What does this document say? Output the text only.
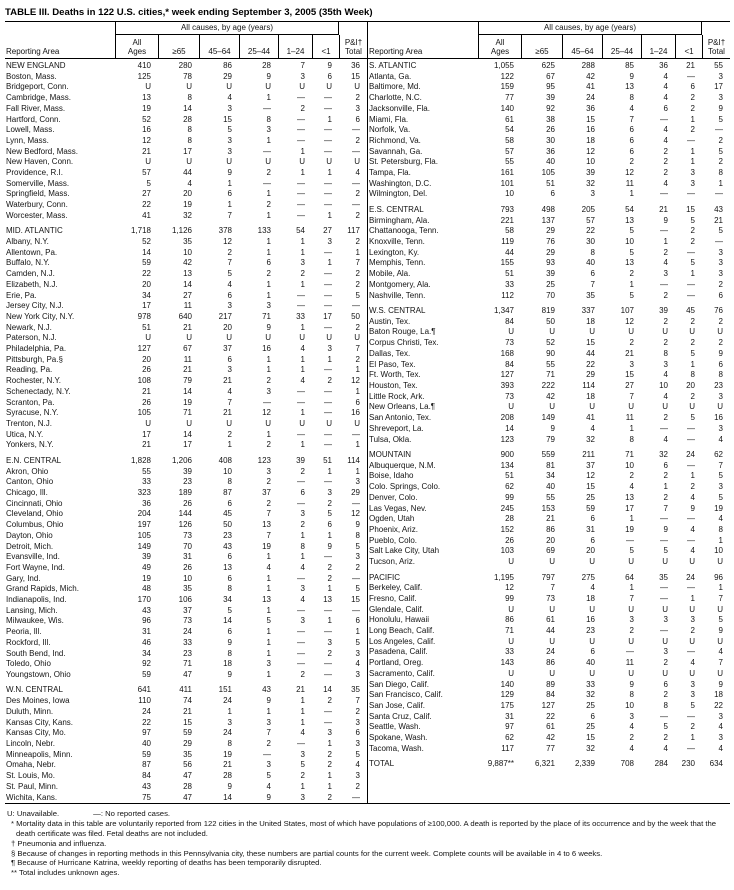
TABLE III. Deaths in 122 U.S. cities,* week ending September 3, 2005 (35th Week)
All causes, by age (years)
Reporting Area
All
Ages	≥65	45–64 25–44 1–24 <1
P&I†
Total
NEW ENGLAND	410	280	86	28	7	9	36
Boston, Mass.	125	78	29	9	3	6	15
Bridgeport, Conn.	U	U	U	U	U	U	U
Cambridge, Mass.	13	8	4	1	—	—	2
Fall River, Mass.	19	14	3	—	2	—	3
Hartford, Conn.	52	28	15	8	—	1	6
Lowell, Mass.	16	8	5	3	—	—	—
Lynn, Mass.	12	8	3	1	—	—	2
New Bedford, Mass.	21	17	3	—	1	—	—
New Haven, Conn.	U	U	U	U	U	U	U
Providence, R.I.	57	44	9	2	1	1	4
Somerville, Mass.	5	4	1	—	—	—	—
Springfield, Mass.	27	20	6	1	—	—	2
Waterbury, Conn.	22	19	1	2	—	—	—
Worcester, Mass.	41	32	7	1	—	1	2
MID. ATLANTIC	1,718	1,126	378	133	54	27	117
Albany, N.Y.	52	35	12	1	1	3	2
Allentown, Pa.	14	10	2	1	1	—	1
Buffalo, N.Y.	59	42	7	6	3	1	7
Camden, N.J.	22	13	5	2	2	—	2
Elizabeth, N.J.	20	14	4	1	1	—	2
Erie, Pa.	34	27	6	1	—	—	5
Jersey City, N.J.	17	11	3	3	—	—	—
New York City, N.Y.	978	640	217	71	33	17	50
Newark, N.J.	51	21	20	9	1	—	2
Paterson, N.J.	U	U	U	U	U	U	U
Philadelphia, Pa.	127	67	37	16	4	3	7
Pittsburgh, Pa.§	20	11	6	1	1	1	2
Reading, Pa.	26	21	3	1	1	—	1
Rochester, N.Y.	108	79	21	2	4	2	12
Schenectady, N.Y.	21	14	4	3	—	—	1
Scranton, Pa.	26	19	7	—	—	—	6
Syracuse, N.Y.	105	71	21	12	1	—	16
Trenton, N.J.	U	U	U	U	U	U	U
Utica, N.Y.	17	14	2	1	—	—	—
Yonkers, N.Y.	21	17	1	2	1	—	1
E.N. CENTRAL	1,828	1,206	408	123	39	51	114
Akron, Ohio	55	39	10	3	2	1	1
Canton, Ohio	33	23	8	2	—	—	3
Chicago, Ill.	323	189	87	37	6	3	29
Cincinnati, Ohio	36	26	6	2	—	2	—
Cleveland, Ohio	204	144	45	7	3	5	12
Columbus, Ohio	197	126	50	13	2	6	9
Dayton, Ohio	105	73	23	7	1	1	8
Detroit, Mich.	149	70	43	19	8	9	5
Evansville, Ind.	39	31	6	1	1	—	3
Fort Wayne, Ind.	49	26	13	4	4	2	2
Gary, Ind.	19	10	6	1	—	2	—
Grand Rapids, Mich.	48	35	8	1	3	1	5
Indianapolis, Ind.	170	106	34	13	4	13	15
Lansing, Mich.	43	37	5	1	—	—	—
Milwaukee, Wis.	96	73	14	5	3	1	6
Peoria, Ill.	31	24	6	1	—	—	1
Rockford, Ill.	46	33	9	1	—	3	5
South Bend, Ind.	34	23	8	1	—	2	3
Toledo, Ohio	92	71	18	3	—	—	4
Youngstown, Ohio	59	47	9	1	2	—	3
W.N. CENTRAL	641	411	151	43	21	14	35
Des Moines, Iowa	110	74	24	9	1	2	7
Duluth, Minn.	24	21	1	1	1	—	2
Kansas City, Kans.	22	15	3	3	1	—	3
Kansas City, Mo.	97	59	24	7	4	3	6
Lincoln, Nebr.	40	29	8	2	—	1	3
Minneapolis, Minn.	59	35	19	—	3	2	5
Omaha, Nebr.	87	56	21	3	5	2	4
St. Louis, Mo.	84	47	28	5	2	1	3
St. Paul, Minn.	43	28	9	4	1	1	2
Wichita, Kans.	75	47	14	9	3	2	—
All causes, by age (years)
Reporting Area
All
Ages	≥65	45–64 25–44 1–24 <1
P&I†
Total
S. ATLANTIC	1,055	625	288	85	36	21	55
Atlanta, Ga.	122	67	42	9	4	—	3
Baltimore, Md.	159	95	41	13	4	6	17
Charlotte, N.C.	77	39	24	8	4	2	3
Jacksonville, Fla.	140	92	36	4	6	2	9
Miami, Fla.	61	38	15	7	—	1	5
Norfolk, Va.	54	26	16	6	4	2	—
Richmond, Va.	58	30	18	6	4	—	2
Savannah, Ga.	57	36	12	6	2	1	5
St. Petersburg, Fla.	55	40	10	2	2	1	2
Tampa, Fla.	161	105	39	12	2	3	8
Washington, D.C.	101	51	32	11	4	3	1
Wilmington, Del.	10	6	3	1	—	—	—
E.S. CENTRAL	793	498	205	54	21	15	43
Birmingham, Ala.	221	137	57	13	9	5	21
Chattanooga, Tenn.	58	29	22	5	—	2	5
Knoxville, Tenn.	119	76	30	10	1	2	—
Lexington, Ky.	44	29	8	5	2	—	3
Memphis, Tenn.	155	93	40	13	4	5	3
Mobile, Ala.	51	39	6	2	3	1	3
Montgomery, Ala.	33	25	7	1	—	—	2
Nashville, Tenn.	112	70	35	5	2	—	6
W.S. CENTRAL	1,347	819	337	107	39	45	76
Austin, Tex.	84	50	18	12	2	2	2
Baton Rouge, La.¶	U	U	U	U	U	U	U
Corpus Christi, Tex.	73	52	15	2	2	2	2
Dallas, Tex.	168	90	44	21	8	5	9
El Paso, Tex.	84	55	22	3	3	1	6
Ft. Worth, Tex.	127	71	29	15	4	8	8
Houston, Tex.	393	222	114	27	10	20	23
Little Rock, Ark.	73	42	18	7	4	2	3
New Orleans, La.¶	U	U	U	U	U	U	U
San Antonio, Tex.	208	149	41	11	2	5	16
Shreveport, La.	14	9	4	1	—	—	3
Tulsa, Okla.	123	79	32	8	4	—	4
MOUNTAIN	900	559	211	71	32	24	62
Albuquerque, N.M.	134	81	37	10	6	—	7
Boise, Idaho	51	34	12	2	2	1	5
Colo. Springs, Colo.	62	40	15	4	1	2	3
Denver, Colo.	99	55	25	13	2	4	5
Las Vegas, Nev.	245	153	59	17	7	9	19
Ogden, Utah	28	21	6	1	—	—	4
Phoenix, Ariz.	152	86	31	19	9	4	8
Pueblo, Colo.	26	20	6	—	—	—	1
Salt Lake City, Utah	103	69	20	5	5	4	10
Tucson, Ariz.	U	U	U	U	U	U	U
PACIFIC	1,195	797	275	64	35	24	96
Berkeley, Calif.	12	7	4	1	—	—	1
Fresno, Calif.	99	73	18	7	—	1	7
Glendale, Calif.	U	U	U	U	U	U	U
Honolulu, Hawaii	86	61	16	3	3	3	5
Long Beach, Calif.	71	44	23	2	—	2	9
Los Angeles, Calif.	U	U	U	U	U	U	U
Pasadena, Calif.	33	24	6	—	3	—	4
Portland, Oreg.	143	86	40	11	2	4	7
Sacramento, Calif.	U	U	U	U	U	U	U
San Diego, Calif.	140	89	33	9	6	3	9
San Francisco, Calif.	129	84	32	8	2	3	18
San Jose, Calif.	175	127	25	10	8	5	22
Santa Cruz, Calif.	31	22	6	3	—	—	3
Seattle, Wash.	97	61	25	4	5	2	4
Spokane, Wash.	62	42	15	2	2	1	3
Tacoma, Wash.	117	77	32	4	4	—	4
TOTAL	9,887**	6,321	2,339	708	284	230	634
U: Unavailable.	—: No reported cases.
* Mortality data in this table are voluntarily reported from 122 cities in the United States, most of which have populations of ≥100,000. A death is reported by the place of its occurrence and by the week that the death certificate was filed. Fetal deaths are not included.
† Pneumonia and influenza.
§ Because of changes in reporting methods in this Pennsylvania city, these numbers are partial counts for the current week. Complete counts will be available in 4 to 6 weeks.
¶ Because of Hurricane Katrina, weekly reporting of deaths has been temporarily disrupted.
** Total includes unknown ages.
